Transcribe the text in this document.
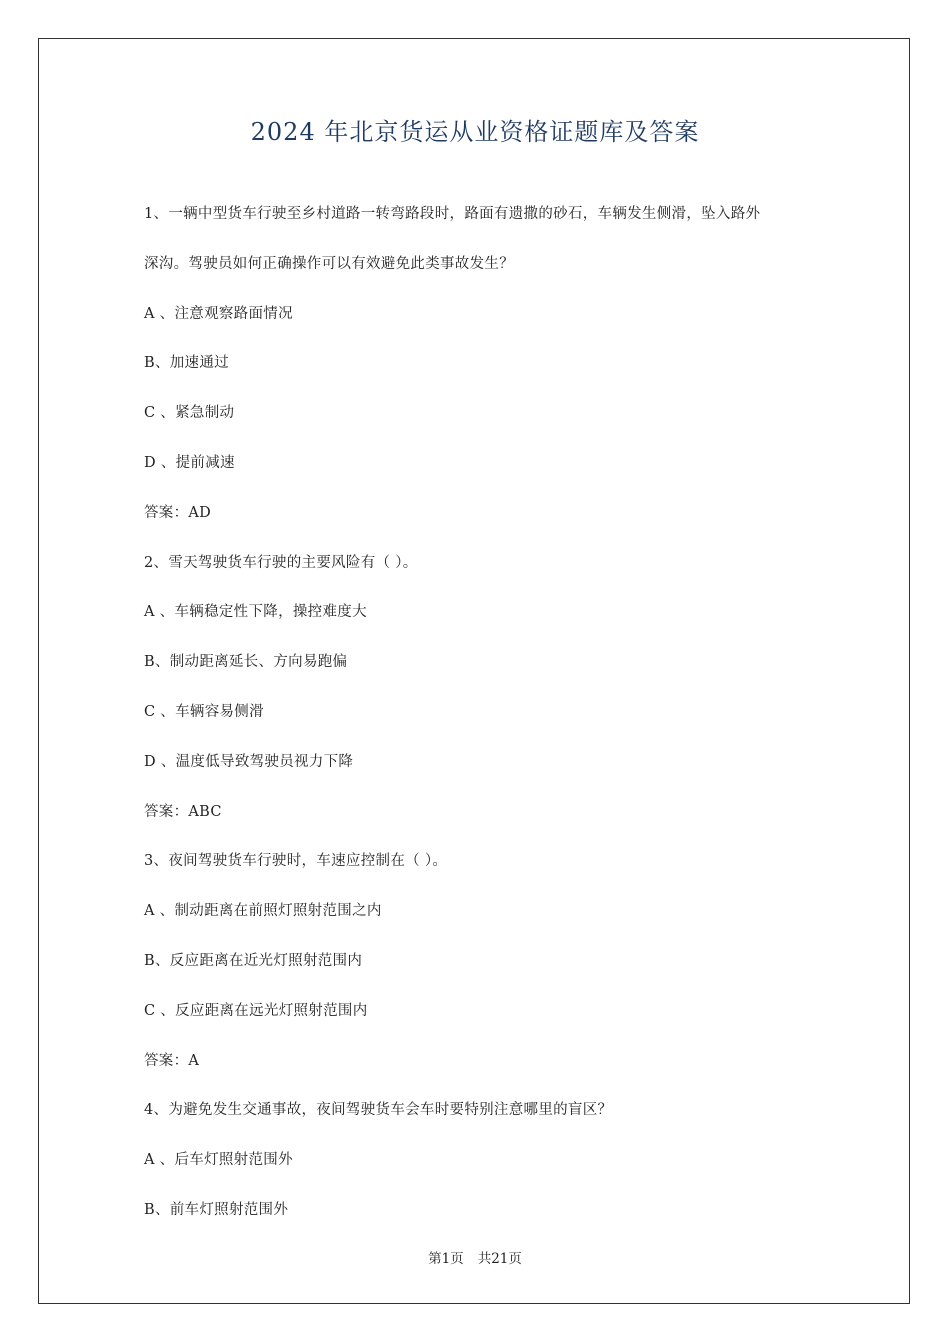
2024 年北京货运从业资格证题库及答案
1、一辆中型货车行驶至乡村道路一转弯路段时，路面有遗撒的砂石，车辆发生侧滑，坠入路外
深沟。驾驶员如何正确操作可以有效避免此类事故发生？
A 、注意观察路面情况
B、加速通过
C 、紧急制动
D 、提前减速
答案：AD
2、雪天驾驶货车行驶的主要风险有（ ）。
A 、车辆稳定性下降，操控难度大
B、制动距离延长、方向易跑偏
C 、车辆容易侧滑
D 、温度低导致驾驶员视力下降
答案：ABC
3、夜间驾驶货车行驶时，车速应控制在（ ）。
A 、制动距离在前照灯照射范围之内
B、反应距离在近光灯照射范围内
C 、反应距离在远光灯照射范围内
答案：A
4、为避免发生交通事故，夜间驾驶货车会车时要特别注意哪里的盲区？
A 、后车灯照射范围外
B、前车灯照射范围外
第1页 共21页
